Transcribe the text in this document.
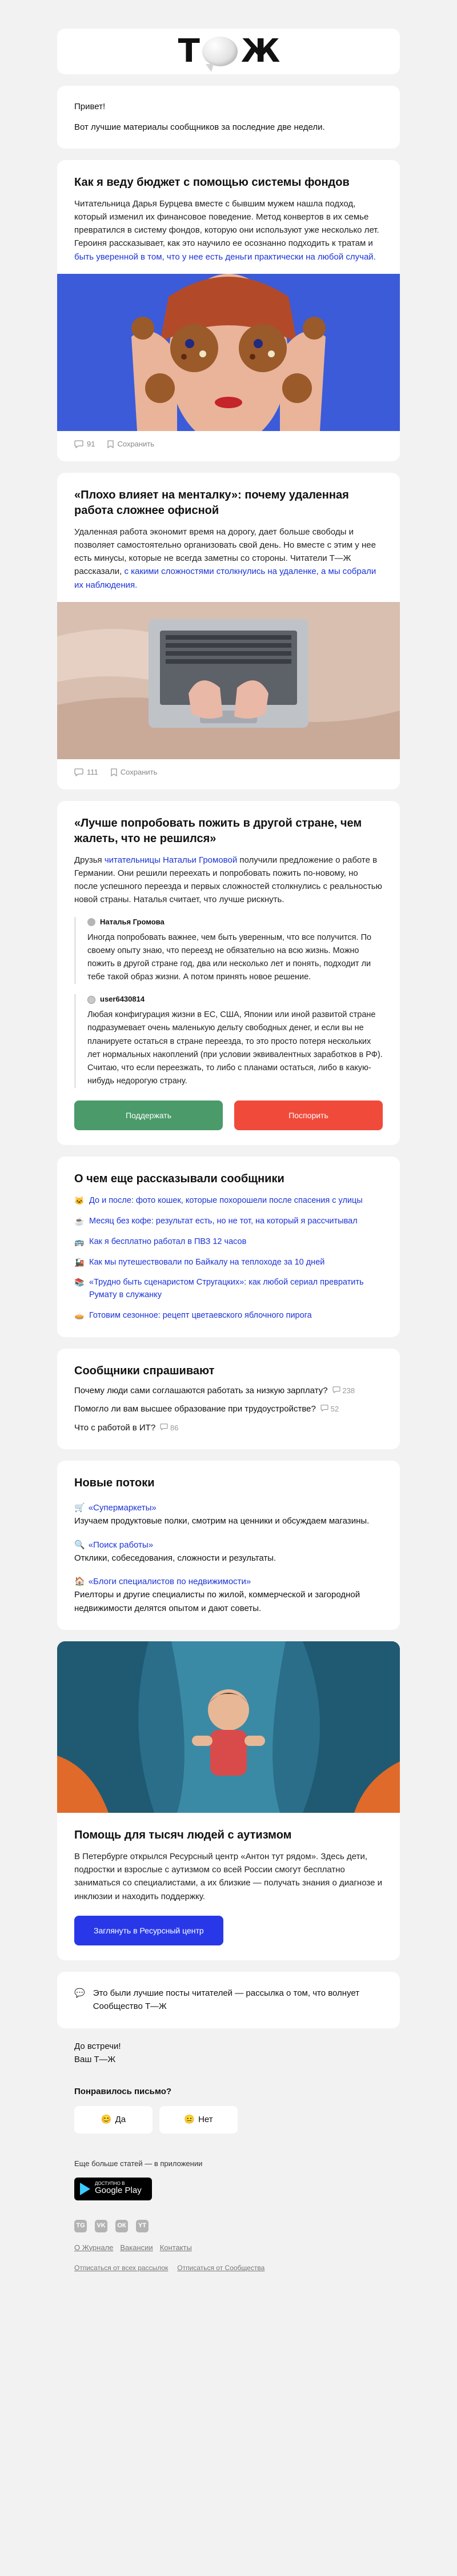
Т Ж

Привет!

Вот лучшие материалы сообщников за последние две недели.

Как я веду бюджет с помощью системы фондов

Читательница Дарья Бурцева вместе с бывшим мужем нашла подход, который изменил их финансовое поведение. Метод конвертов в их семье превратился в систему фондов, которую они используют уже несколько лет. Героиня рассказывает, как это научило ее осознанно подходить к тратам и быть уверенной в том, что у нее есть деньги практически на любой случай.

91	Сохранить
«Плохо влияет на менталку»: почему удаленная работа сложнее офисной

Удаленная работа экономит время на дорогу, дает больше свободы и позволяет самостоятельно организовать свой день. Но вместе с этим у нее есть минусы, которые не всегда заметны со стороны. Читатели Т—Ж рассказали, с какими сложностями столкнулись на удаленке, а мы собрали их наблюдения.

111	Сохранить
«Лучше попробовать пожить в другой стране, чем жалеть, что не решился»

Друзья читательницы Натальи Громовой получили предложение о работе в Германии. Они решили переехать и попробовать пожить по-новому, но после успешного переезда и первых сложностей столкнулись с реальностью новой страны. Наталья считает, что лучше рискнуть.

Наталья Громова

Иногда попробовать важнее, чем быть уверенным, что все получится. По своему опыту знаю, что переезд не обязательно на всю жизнь. Можно пожить в другой стране год, два или несколько лет и понять, подходит ли тебе такой образ жизни. А потом принять новое решение.

user6430814

Любая конфигурация жизни в ЕС, США, Японии или иной развитой стране подразумевает очень маленькую дельту свободных денег, и если вы не планируете остаться в стране переезда, то это просто потеря нескольких лет нормальных накоплений (при условии эквивалентных заработков в РФ). Считаю, что если переезжать, то либо с планами остаться, либо в какую-нибудь недорогую страну.

Поддержать	Поспорить
О чем еще рассказывали сообщники
🐱 До и после: фото кошек, которые похорошели после спасения с улицы
☕ Месяц без кофе: результат есть, но не тот, на который я рассчитывал
🚌 Как я бесплатно работал в ПВЗ 12 часов
🚂 Как мы путешествовали по Байкалу на теплоходе за 10 дней
📚 «Трудно быть сценаристом Стругацких»: как любой сериал превратить Румату в служанку
🥧 Готовим сезонное: рецепт цветаевского яблочного пирога
Сообщники спрашивают
Почему люди сами соглашаются работать за низкую зарплату? 238
Помогло ли вам высшее образование при трудоустройстве? 52
Что с работой в ИТ? 86
Новые потоки
🛒 «Супермаркеты»
Изучаем продуктовые полки, смотрим на ценники и обсуждаем магазины.
🔍 «Поиск работы»
Отклики, собеседования, сложности и результаты.
🏠 «Блоги специалистов по недвижимости»
Риелторы и другие специалисты по жилой, коммерческой и загородной недвижимости делятся опытом и дают советы.
Помощь для тысяч людей с аутизмом

В Петербурге открылся Ресурсный центр «Антон тут рядом». Здесь дети, подростки и взрослые с аутизмом со всей России смогут бесплатно заниматься со специалистами, а их близкие — получать знания о диагнозе и инклюзии и находить поддержку.

Заглянуть в Ресурсный центр
💬 Это были лучшие посты читателей — рассылка о том, что волнует Сообщество Т—Ж

До встречи!

Ваш Т—Ж

Понравилось письмо?
😊 Да	😐 Нет
Еще больше статей — в приложении
ДОСТУПНО В
Google Play
TG	VK	ОК	YT
О Журнале Вакансии Контакты
Отписаться от всех рассылок Отписаться от Сообщества
